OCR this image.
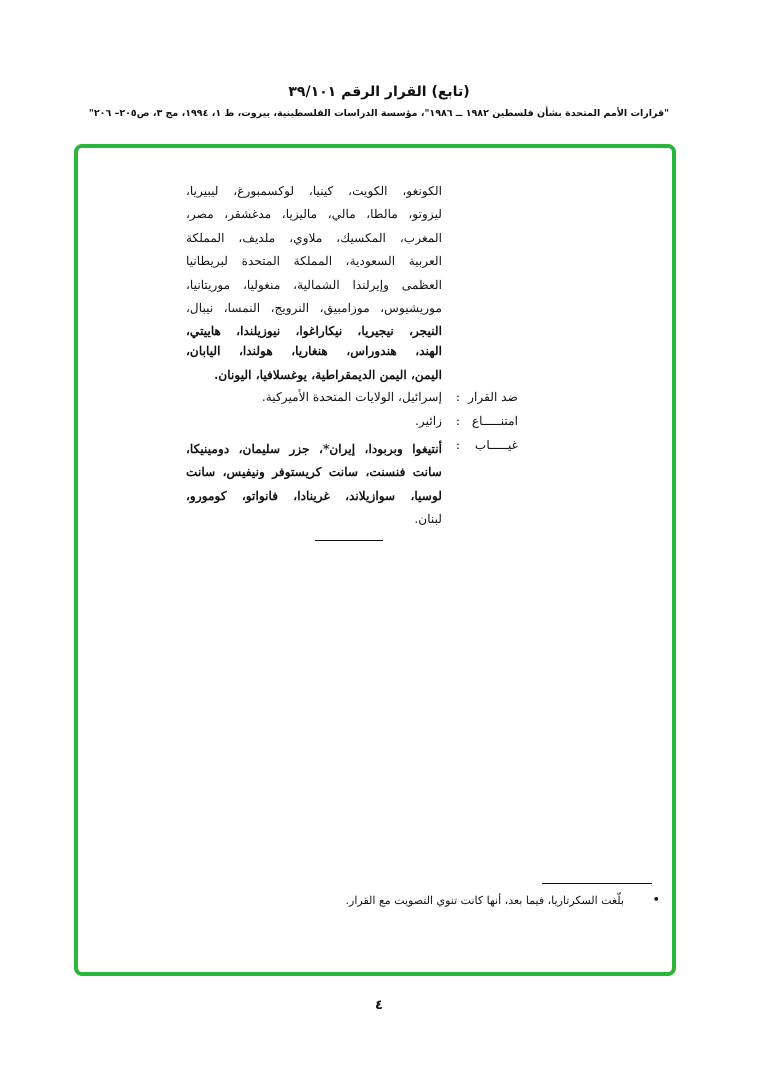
(تابع) القرار الرقم ٣٩/١٠١
"قرارات الأمم المتحدة بشأن فلسطين ١٩٨٢ ــ ١٩٨٦"، مؤسسة الدراسات الفلسطينية، بيروت، ط ١، ١٩٩٤، مج ٣، ص٢٠٥– ٢٠٦"
الكونغو، الكويت، كينيا، لوكسمبورغ، ليبيريا،
ليزوتو، مالطا، مالي، ماليزيا، مدغشقر، مصر،
المغرب، المكسيك، ملاوي، ملديف، المملكة
العربية السعودية، المملكة المتحدة لبريطانيا
العظمى وإيرلندا الشمالية، منغوليا، موريتانيا،
موريشيوس، موزامبيق، النرويج، النمسا، نيبال،
النيجر، نيجيريا، نيكاراغوا، نيوزيلندا، هاييتي،
الهند، هندوراس، هنغاريا، هولندا، اليابان،
اليمن، اليمن الديمقراطية، يوغسلافيا، اليونان.
ضد القرار
:
إسرائيل، الولايات المتحدة الأميركية.
امتنـــــاع
:
زائير.
غيـــــاب
:
أنتيغوا وبربودا، إيران*، جزر سليمان، دومينيكا،
سانت فنسنت، سانت كريستوفر ونيفيس، سانت
لوسيا، سوازيلاند، غرينادا، فانواتو، كومورو،
لبنان.
•
بلّغت السكرتاريا، فيما بعد، أنها كانت تنوي التصويت مع القرار.
٤
